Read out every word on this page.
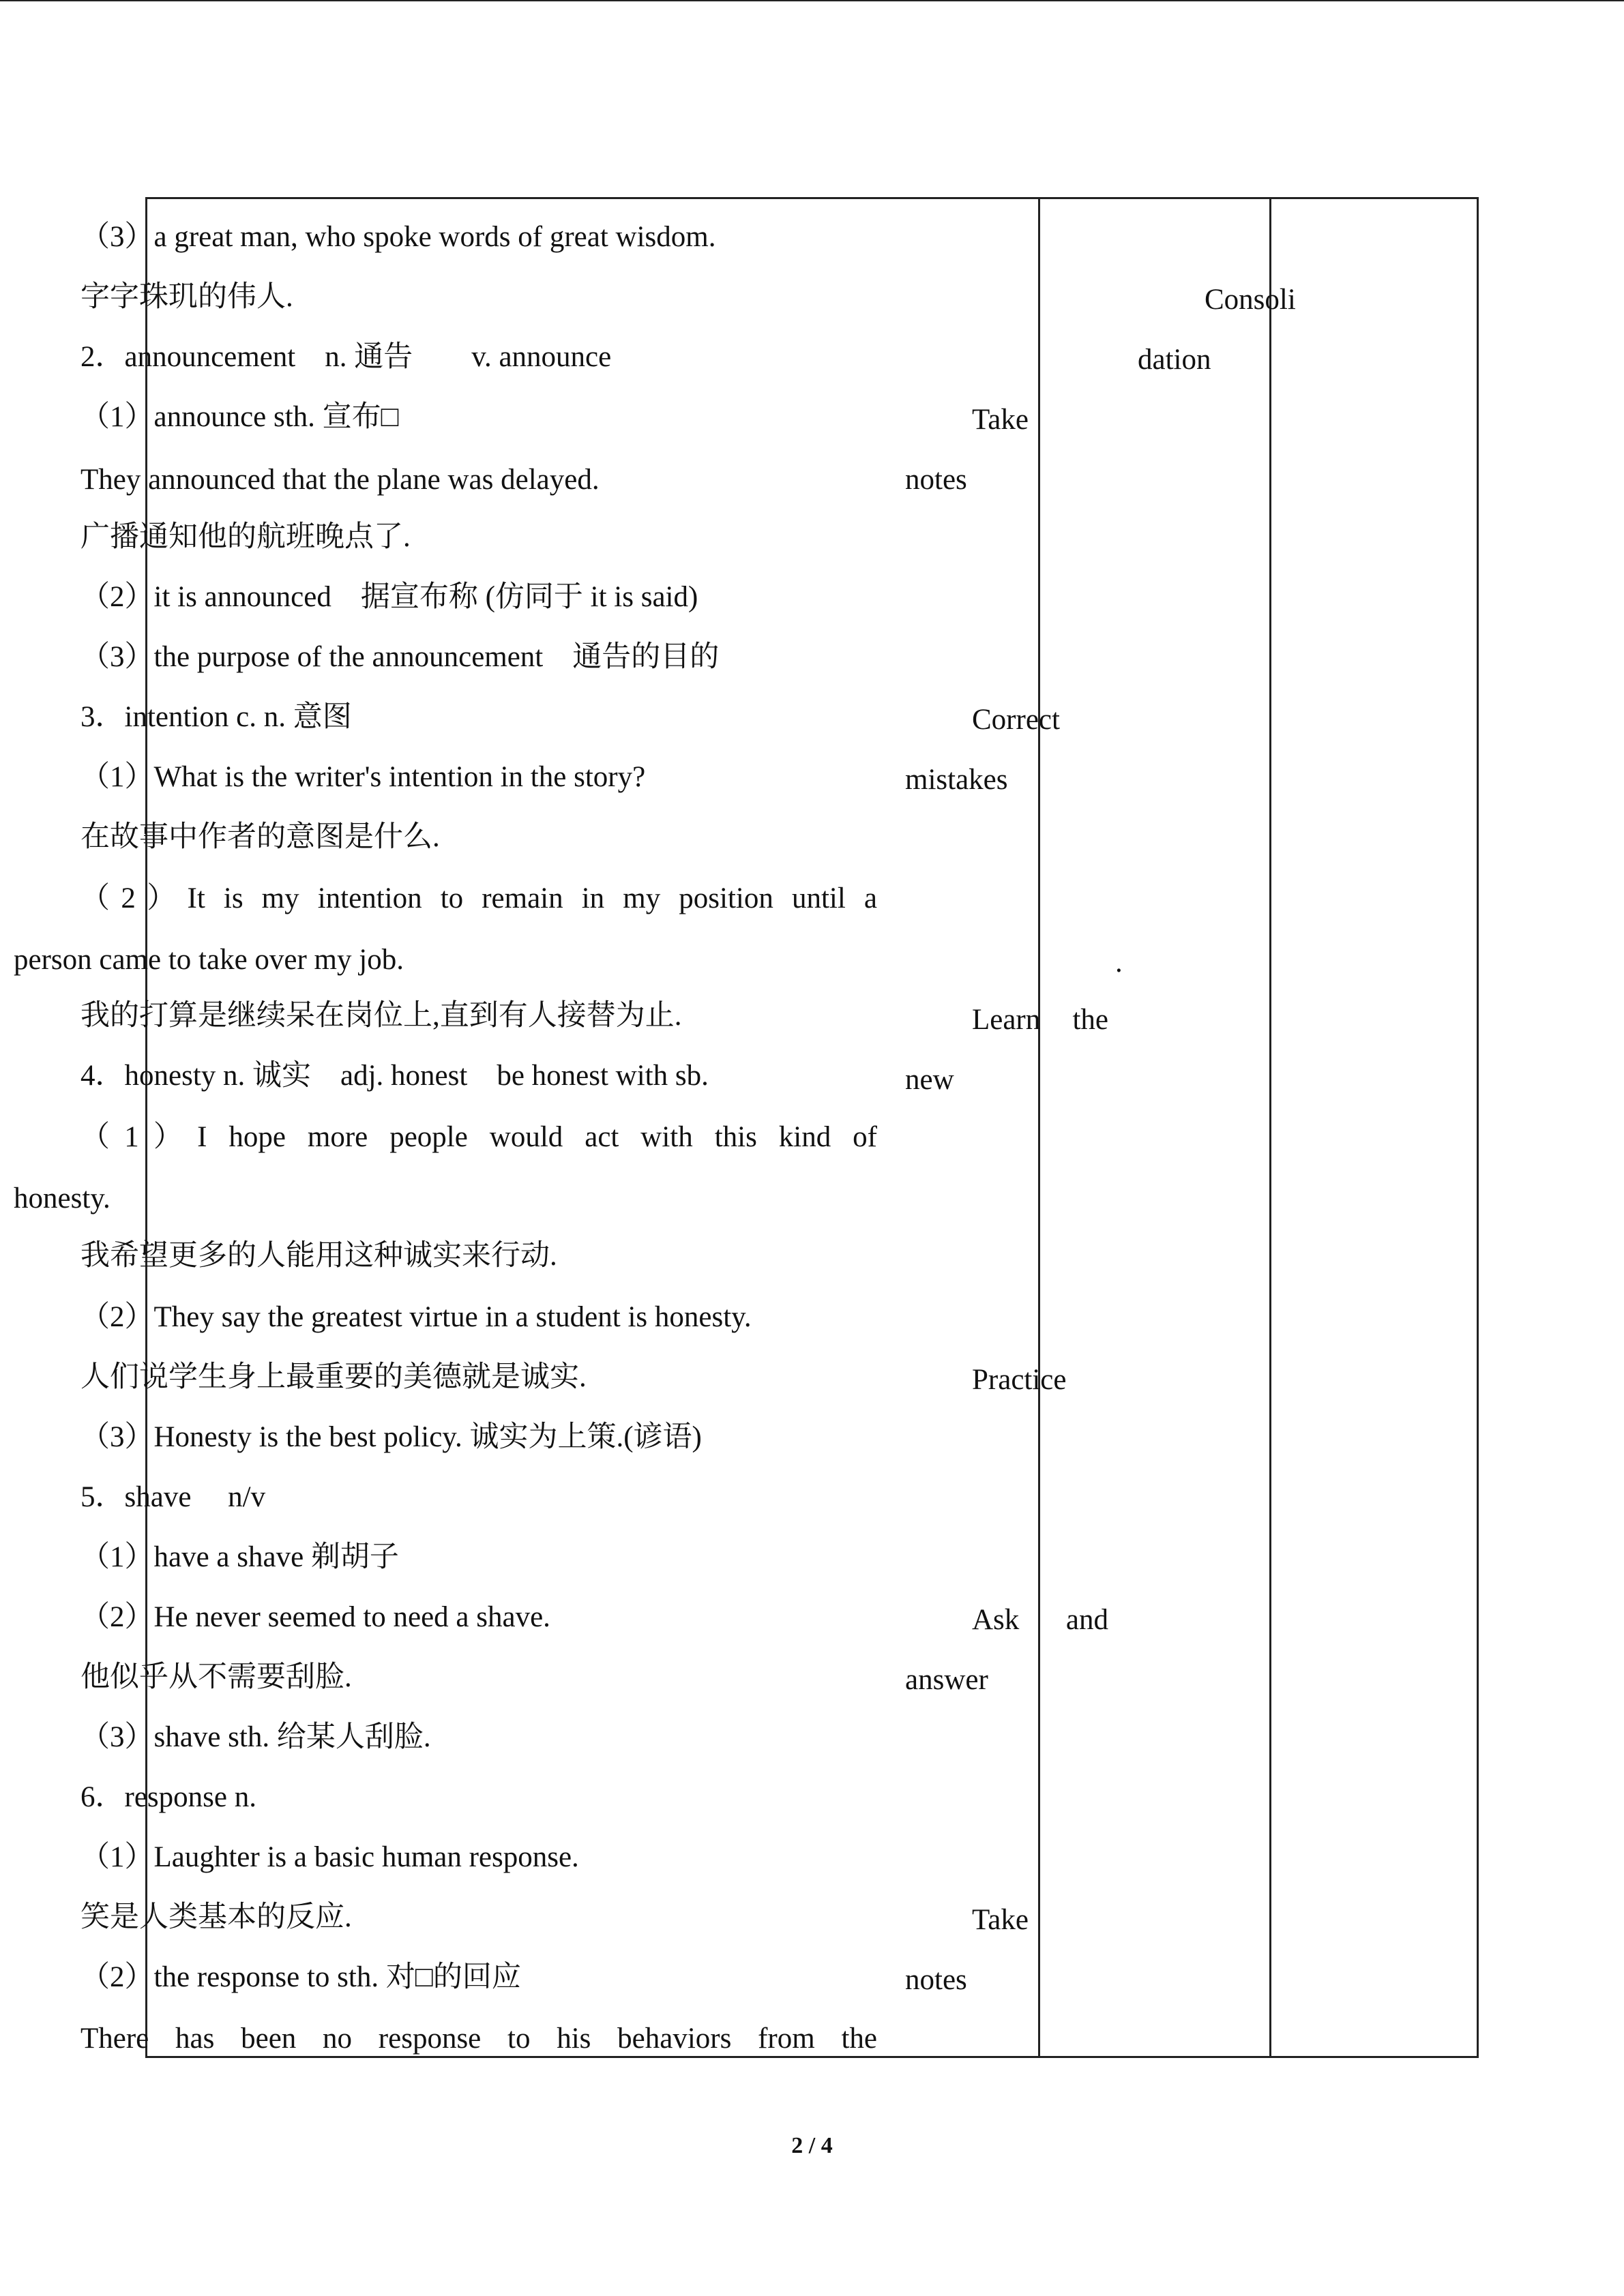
（3）a great man, who spoke words of great wisdom.
字字珠玑的伟人.
2．announcement　n. 通告　　v. announce
（1）announce sth. 宣布□
They announced that the plane was delayed.
广播通知他的航班晚点了.
（2）it is announced　据宣布称 (仿同于 it is said)
（3）the purpose of the announcement　通告的目的
3．intention c. n. 意图
（1）What is the writer's intention in the story?
在故事中作者的意图是什么.
（2）It is my intention to remain in my position until a
person came to take over my job.
我的打算是继续呆在岗位上,直到有人接替为止.
4．honesty n. 诚实　adj. honest　be honest with sb.
（1）I hope more people would act with this kind of
honesty.
我希望更多的人能用这种诚实来行动.
（2）They say the greatest virtue in a student is honesty.
人们说学生身上最重要的美德就是诚实.
（3）Honesty is the best policy. 诚实为上策.(谚语)
5．shave　 n/v
（1）have a shave 剃胡子
（2）He never seemed to need a shave.
他似乎从不需要刮脸.
（3）shave sth. 给某人刮脸.
6．response n.
（1）Laughter is a basic human response.
笑是人类基本的反应.
（2）the response to sth. 对□的回应
There has been no response to his behaviors from the
Take
notes
Correct
mistakes
.
Learn the
new
Practice
Ask and
answer
Take
notes
Consoli
dation
2 / 4
